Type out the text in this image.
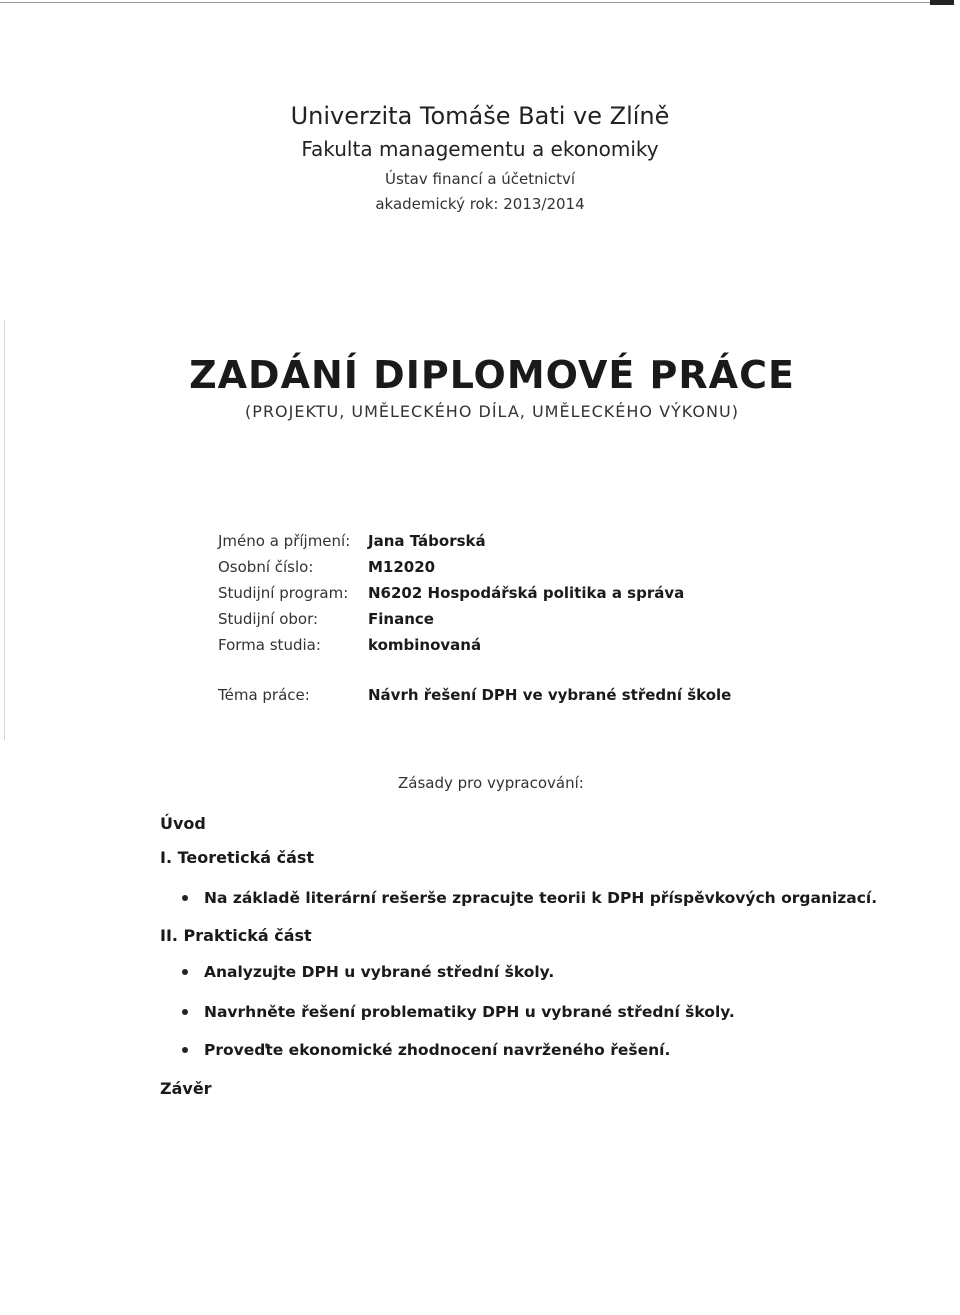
Univerzita Tomáše Bati ve Zlíně
Fakulta managementu a ekonomiky
Ústav financí a účetnictví
akademický rok: 2013/2014
ZADÁNÍ DIPLOMOVÉ PRÁCE
(PROJEKTU, UMĚLECKÉHO DÍLA, UMĚLECKÉHO VÝKONU)
Jméno a příjmení: Jana Táborská
Osobní číslo:	M12020
Studijní program: N6202 Hospodářská politika a správa
Studijní obor:	Finance
Forma studia:	kombinovaná
Téma práce:	Návrh řešení DPH ve vybrané střední škole
Zásady pro vypracování:
Úvod
I. Teoretická část
Na základě literární rešerše zpracujte teorii k DPH příspěvkových organizací.
II. Praktická část
Analyzujte DPH u vybrané střední školy.
Navrhněte řešení problematiky DPH u vybrané střední školy.
Proveďte ekonomické zhodnocení navrženého řešení.
Závěr
